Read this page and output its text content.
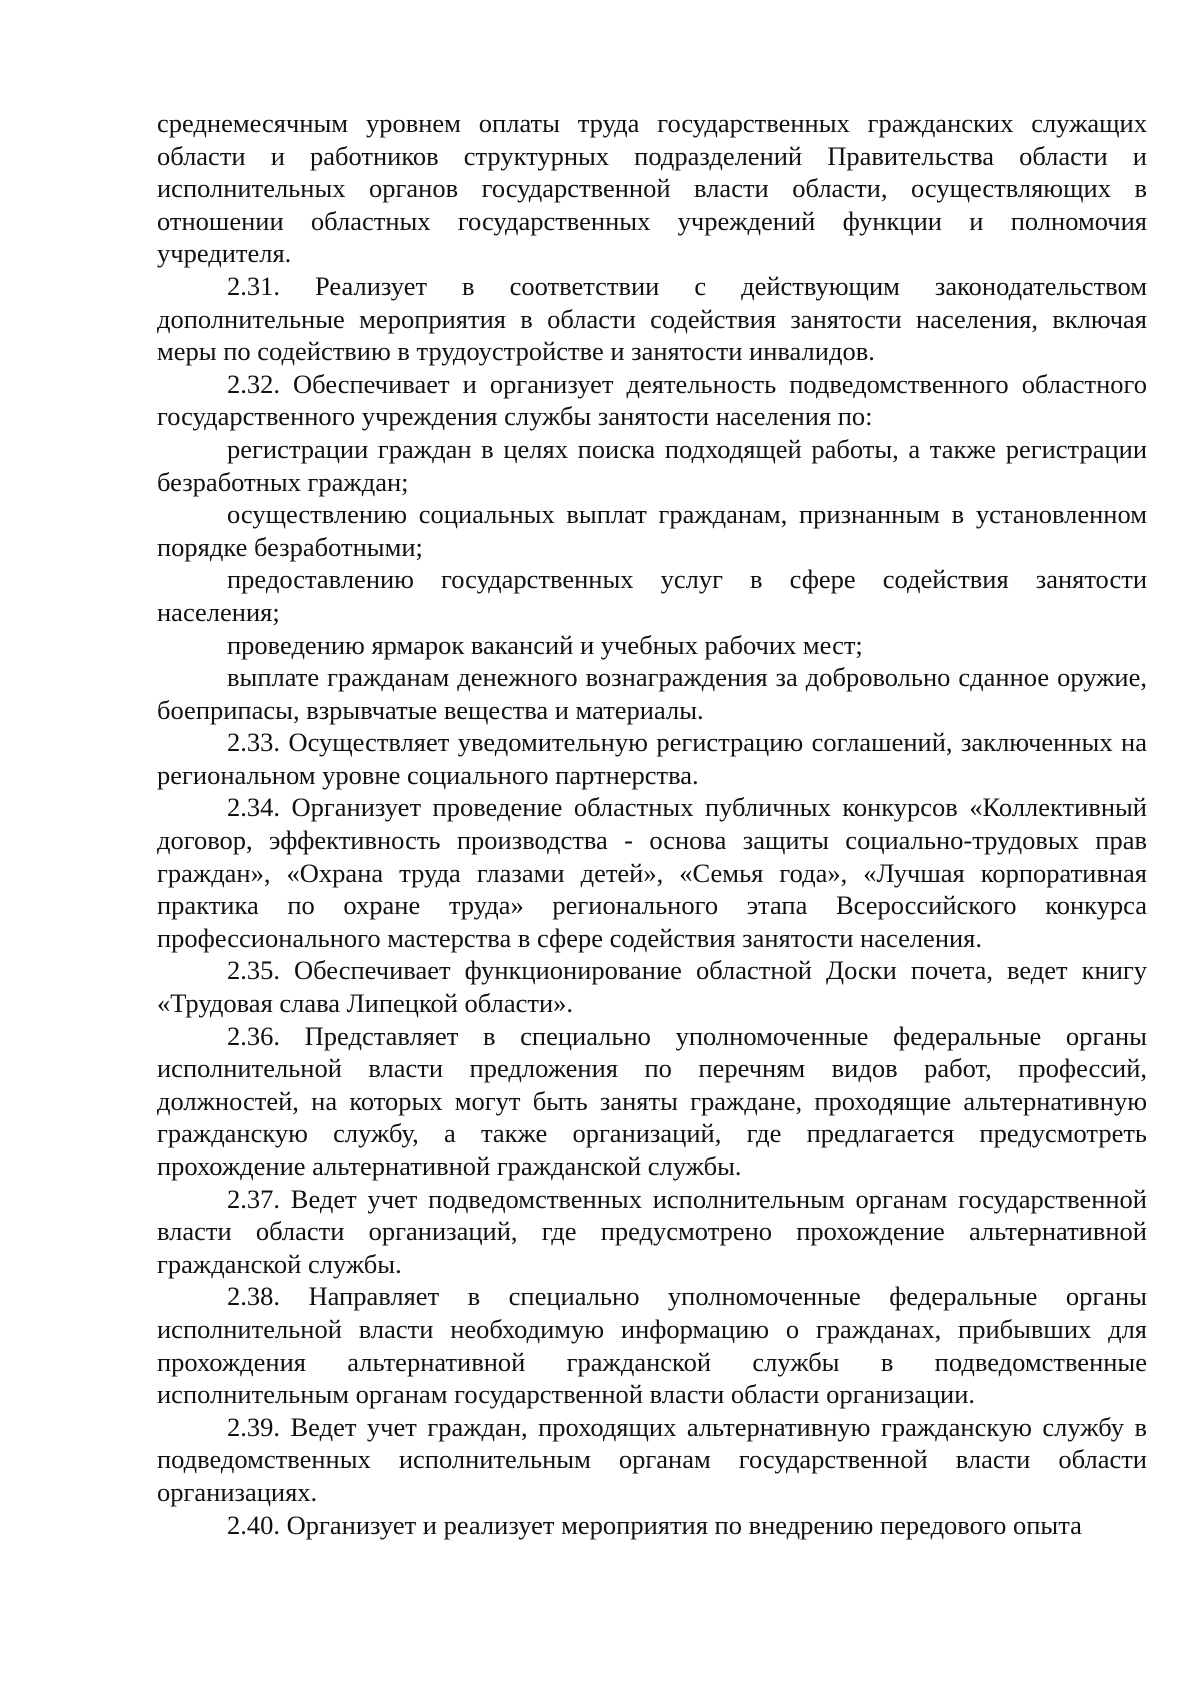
среднемесячным уровнем оплаты труда государственных гражданских служащих области и работников структурных подразделений Правительства области и исполнительных органов государственной власти области, осуществляющих в отношении областных государственных учреждений функции и полномочия учредителя.

2.31. Реализует в соответствии с действующим законодательством дополнительные мероприятия в области содействия занятости населения, включая меры по содействию в трудоустройстве и занятости инвалидов.

2.32. Обеспечивает и организует деятельность подведомственного областного государственного учреждения службы занятости населения по:

регистрации граждан в целях поиска подходящей работы, а также регистрации безработных граждан;

осуществлению социальных выплат гражданам, признанным в установленном порядке безработными;

предоставлению государственных услуг в сфере содействия занятости населения;

проведению ярмарок вакансий и учебных рабочих мест;

выплате гражданам денежного вознаграждения за добровольно сданное оружие, боеприпасы, взрывчатые вещества и материалы.

2.33. Осуществляет уведомительную регистрацию соглашений, заключенных на региональном уровне социального партнерства.

2.34. Организует проведение областных публичных конкурсов «Коллективный договор, эффективность производства - основа защиты социально-трудовых прав граждан», «Охрана труда глазами детей», «Семья года», «Лучшая корпоративная практика по охране труда» регионального этапа Всероссийского конкурса профессионального мастерства в сфере содействия занятости населения.

2.35. Обеспечивает функционирование областной Доски почета, ведет книгу «Трудовая слава Липецкой области».

2.36. Представляет в специально уполномоченные федеральные органы исполнительной власти предложения по перечням видов работ, профессий, должностей, на которых могут быть заняты граждане, проходящие альтернативную гражданскую службу, а также организаций, где предлагается предусмотреть прохождение альтернативной гражданской службы.

2.37. Ведет учет подведомственных исполнительным органам государственной власти области организаций, где предусмотрено прохождение альтернативной гражданской службы.

2.38. Направляет в специально уполномоченные федеральные органы исполнительной власти необходимую информацию о гражданах, прибывших для прохождения альтернативной гражданской службы в подведомственные исполнительным органам государственной власти области организации.

2.39. Ведет учет граждан, проходящих альтернативную гражданскую службу в подведомственных исполнительным органам государственной власти области организациях.

2.40. Организует и реализует мероприятия по внедрению передового опыта
